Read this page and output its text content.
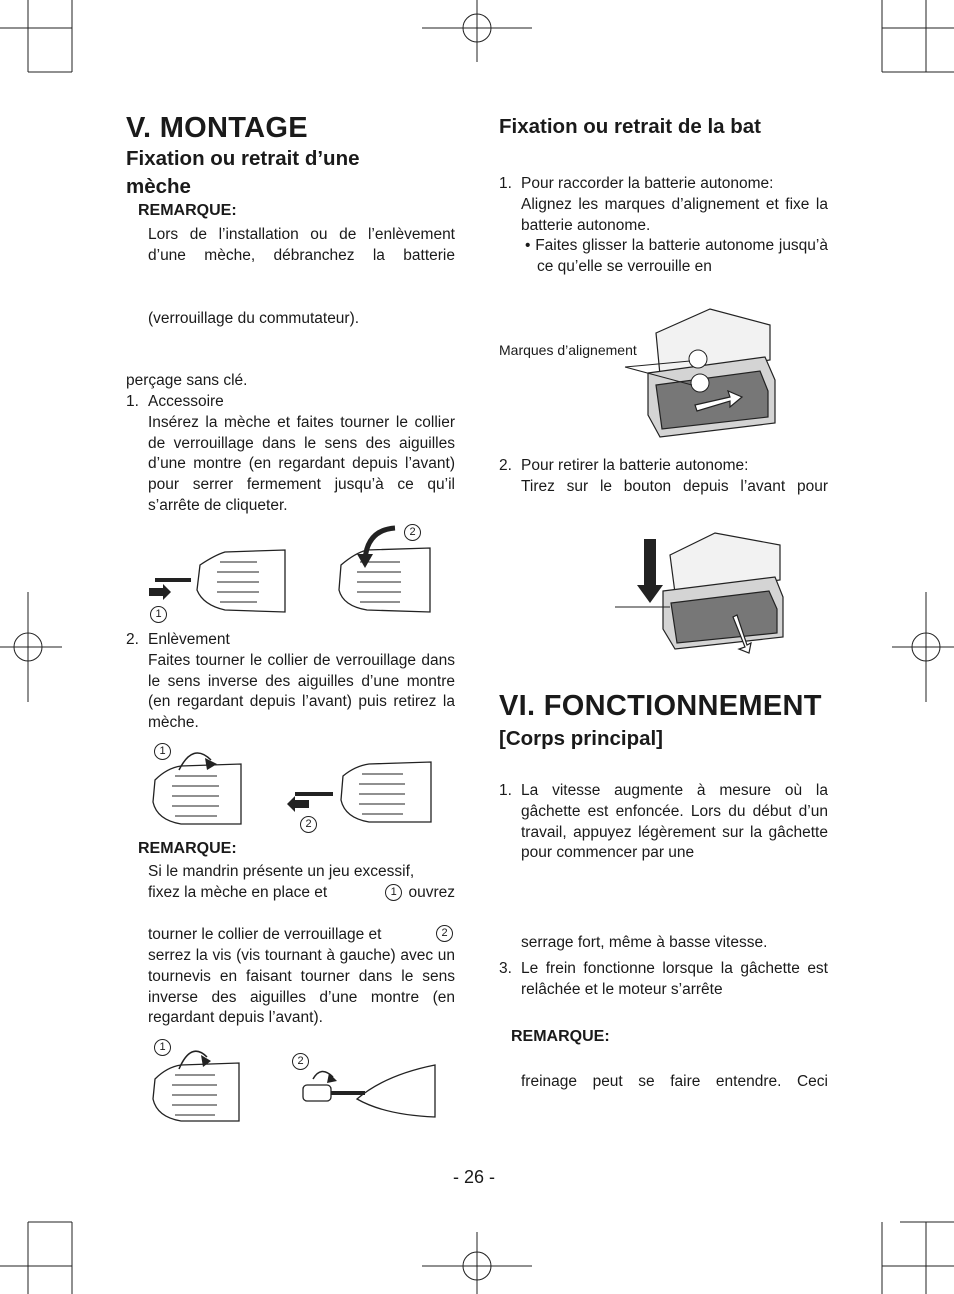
V. MONTAGE
Fixation ou retrait d’une
mèche
REMARQUE:
Lors de l’installation ou de l’enlèvement
d’une mèche, débranchez la batterie
(verrouillage du commutateur).
perçage sans clé.
1. Accessoire
Insérez la mèche et faites tourner le collier de verrouillage dans le sens des aiguilles d’une montre (en regardant depuis l’avant) pour serrer fermement jusqu’à ce qu’il s’arrête de cliqueter.
1
2
2. Enlèvement
Faites tourner le collier de verrouillage dans le sens inverse des aiguilles d’une montre (en regardant depuis l’avant) puis retirez la mèche.
1
2
REMARQUE:
Si le mandrin présente un jeu excessif,
fixez la mèche en place et	1 ouvrez
tourner le collier de verrouillage et	2
serrez la vis (vis tournant à gauche) avec un tournevis en faisant tourner dans le sens inverse des aiguilles d’une montre (en regardant depuis l’avant).
1
2
Fixation ou retrait de la bat
1. Pour raccorder la batterie autonome:
Alignez les marques d’alignement et fixe la batterie autonome.
• Faites glisser la batterie autonome jusqu’à ce qu’elle se verrouille en
Marques d’alignement
2. Pour retirer la batterie autonome:
Tirez sur le bouton depuis l’avant pour
VI. FONCTIONNEMENT
[Corps principal]
1. La vitesse augmente à mesure où la gâchette est enfoncée. Lors du début d’un travail, appuyez légèrement sur la gâchette pour commencer par une
serrage fort, même à basse vitesse.
3. Le frein fonctionne lorsque la gâchette est relâchée et le moteur s’arrête
REMARQUE:
freinage peut se faire entendre. Ceci
- 26 -
